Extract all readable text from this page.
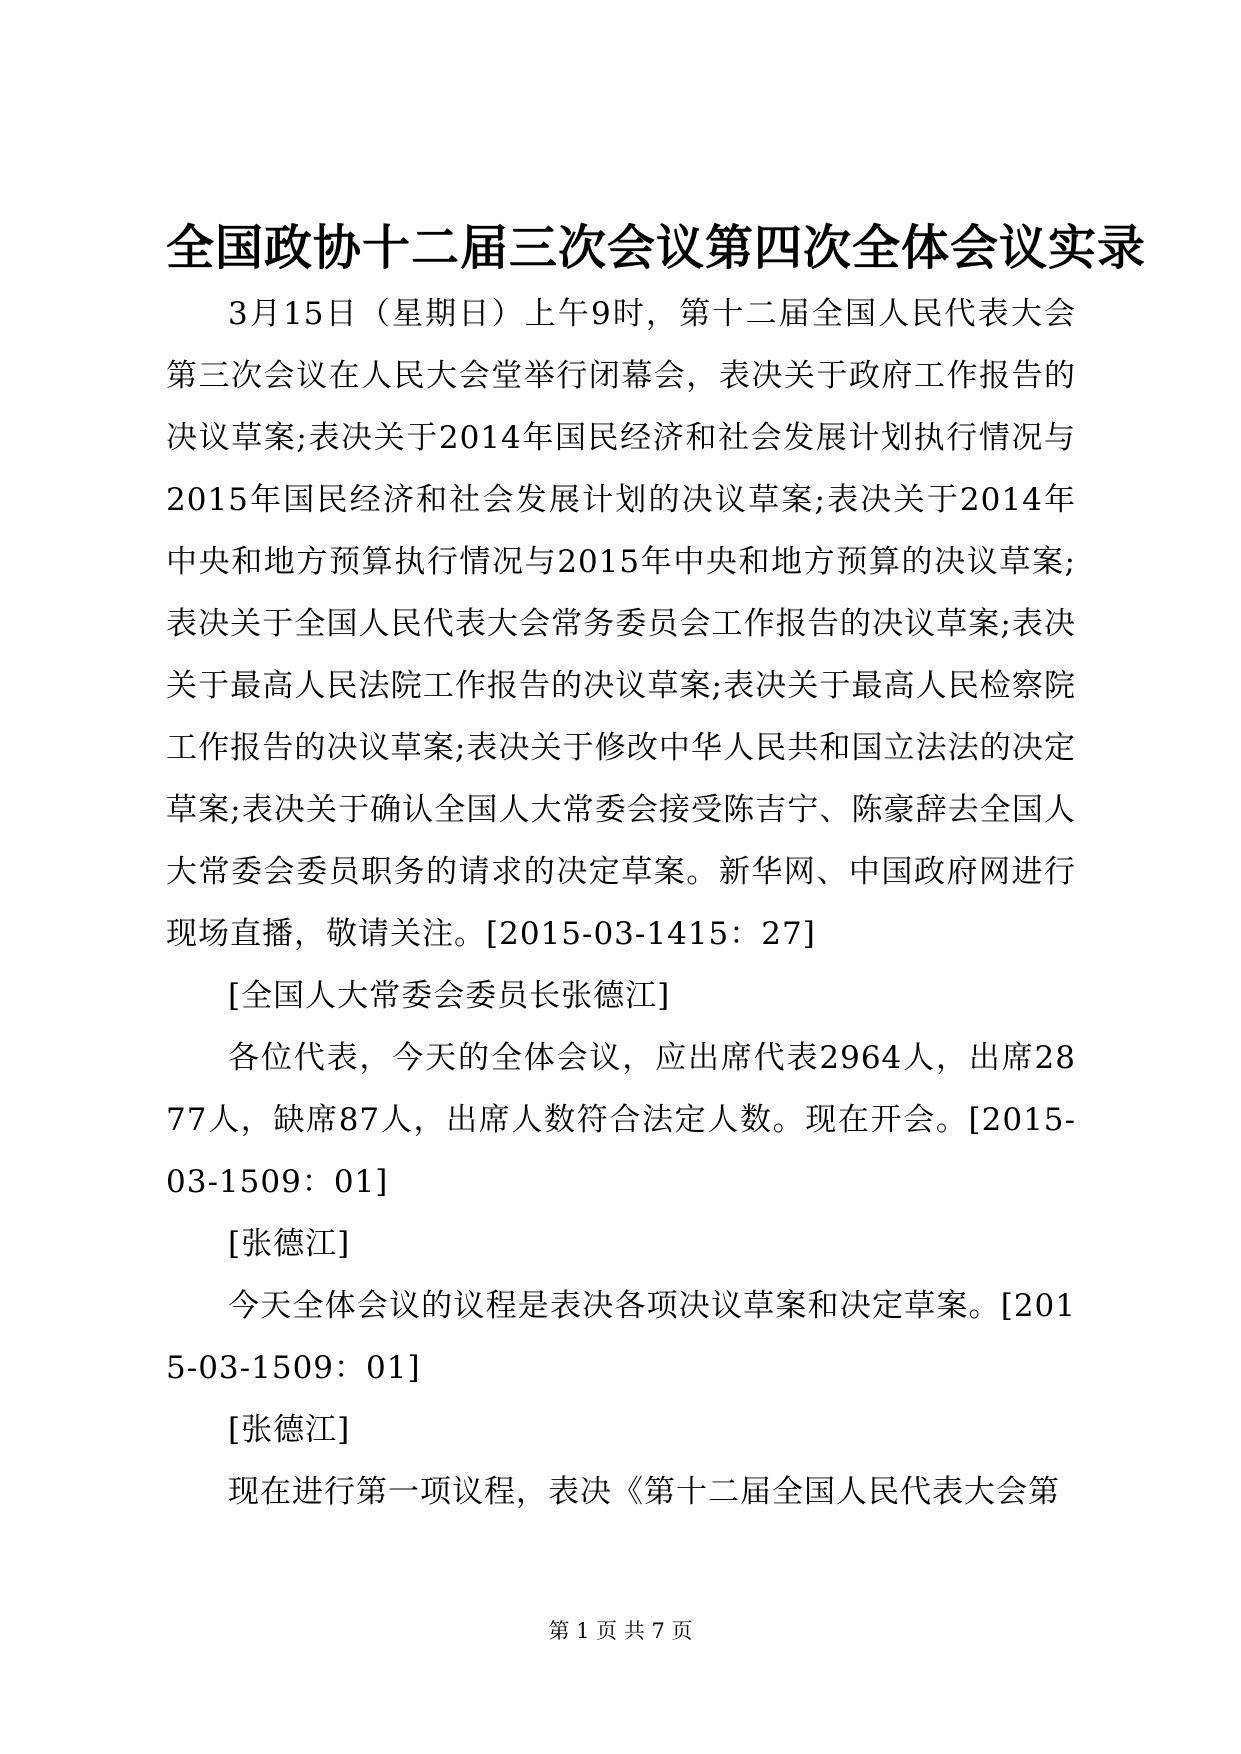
全国政协十二届三次会议第四次全体会议实录

3月15日（星期日）上午9时，第十二届全国人民代表大会第三次会议在人民大会堂举行闭幕会，表决关于政府工作报告的决议草案;表决关于2014年国民经济和社会发展计划执行情况与2015年国民经济和社会发展计划的决议草案;表决关于2014年中央和地方预算执行情况与2015年中央和地方预算的决议草案;表决关于全国人民代表大会常务委员会工作报告的决议草案;表决关于最高人民法院工作报告的决议草案;表决关于最高人民检察院工作报告的决议草案;表决关于修改中华人民共和国立法法的决定草案;表决关于确认全国人大常委会接受陈吉宁、陈豪辞去全国人大常委会委员职务的请求的决定草案。新华网、中国政府网进行现场直播，敬请关注。[2015-03-1415：27]

[全国人大常委会委员长张德江]

各位代表，今天的全体会议，应出席代表2964人，出席2877人，缺席87人，出席人数符合法定人数。现在开会。[2015-03-1509：01]

[张德江]

今天全体会议的议程是表决各项决议草案和决定草案。[2015-03-1509：01]

[张德江]

现在进行第一项议程，表决《第十二届全国人民代表大会第

第 1 页 共 7 页
